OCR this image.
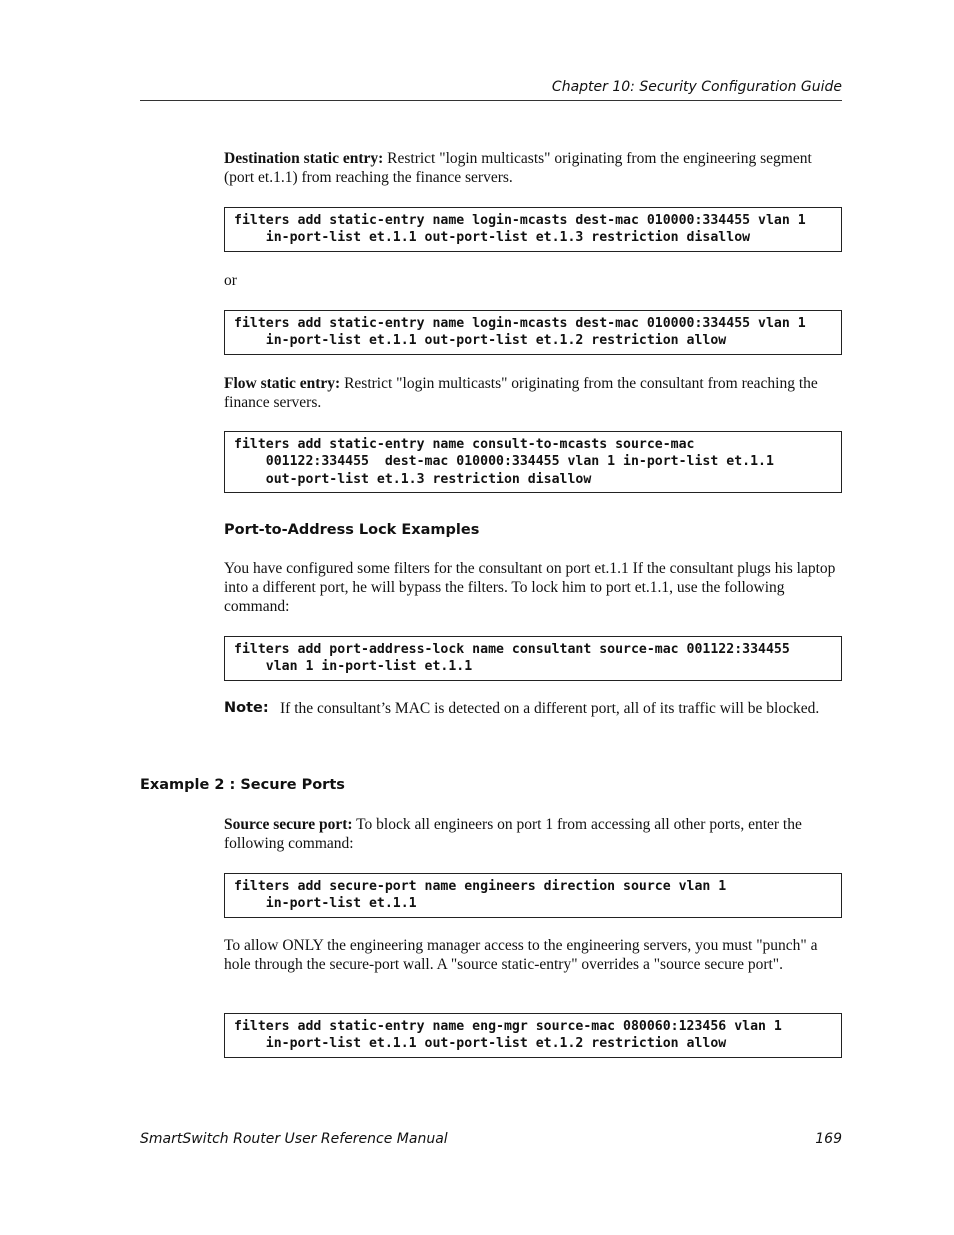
Chapter 10: Security Configuration Guide
Destination static entry: Restrict "login multicasts" originating from the engineering segment (port et.1.1) from reaching the finance servers.
filters add static-entry name login-mcasts dest-mac 010000:334455 vlan 1
in-port-list et.1.1 out-port-list et.1.3 restriction disallow
or
filters add static-entry name login-mcasts dest-mac 010000:334455 vlan 1
in-port-list et.1.1 out-port-list et.1.2 restriction allow
Flow static entry: Restrict "login multicasts" originating from the consultant from reaching the finance servers.
filters add static-entry name consult-to-mcasts source-mac
001122:334455  dest-mac 010000:334455 vlan 1 in-port-list et.1.1
out-port-list et.1.3 restriction disallow
Port-to-Address Lock Examples
You have configured some filters for the consultant on port et.1.1 If the consultant plugs his laptop into a different port, he will bypass the filters. To lock him to port et.1.1, use the following command:
filters add port-address-lock name consultant source-mac 001122:334455
vlan 1 in-port-list et.1.1
Note: If the consultant’s MAC is detected on a different port, all of its traffic will be blocked.
Example 2 : Secure Ports
Source secure port: To block all engineers on port 1 from accessing all other ports, enter the following command:
filters add secure-port name engineers direction source vlan 1
in-port-list et.1.1
To allow ONLY the engineering manager access to the engineering servers, you must "punch" a hole through the secure-port wall. A "source static-entry" overrides a "source secure port".
filters add static-entry name eng-mgr source-mac 080060:123456 vlan 1
in-port-list et.1.1 out-port-list et.1.2 restriction allow
SmartSwitch Router User Reference Manual	169
